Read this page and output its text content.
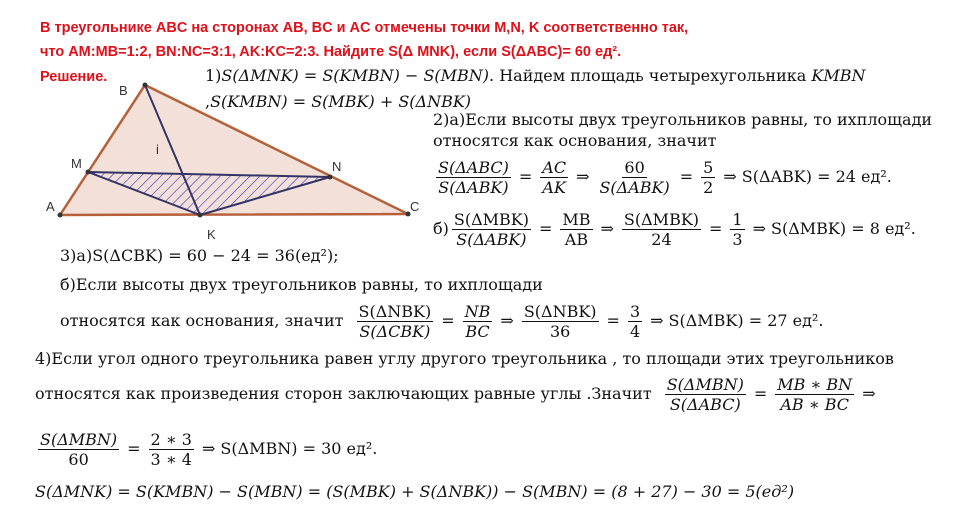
В треугольнике ABC на сторонах AB, BC и AC отмечены точки M,N, K соответственно так,
что AM:MB=1:2, BN:NC=3:1, AK:KC=2:3. Найдите S(Δ MNK), если S(ΔABC)= 60 ед².
Решение.
B
M
A
N
C
K
i
1)S(ΔMNK) = S(KMBN) − S(MBN). Найдем площадь четырехугольника KMBN
,S(KMBN) = S(MBK) + S(ΔNBK)
2)a)Если высоты двух треугольников равны, то ихплощади
относятся как основания, значит
$\frac{\text{S(ΔABC)}}{\text{S(ΔABK)}} = \frac{AC}{AK}$ ⇒ $\frac{60}{\text{S(ΔABK)}} = \frac{5}{2}$ ⇒ S(ΔABK) = 24 ед².
$б) \frac{\text{S(ΔMBK)}}{\text{S(ΔABK)}} = \frac{MB}{AB}$ ⇒ $\frac{\text{S(ΔMBK)}}{24} = \frac{1}{3}$ ⇒ S(ΔMBK) = 8 ед².
3)a)S(ΔCBK) = 60 − 24 = 36(ед²);
б)Если высоты двух треугольников равны, то ихплощади
относятся как основания, значит $\frac{\text{S(ΔNBK)}}{\text{S(ΔCBK)}} = \frac{NB}{BC}$ ⇒ $\frac{\text{S(ΔNBK)}}{36} = \frac{3}{4}$ ⇒ S(ΔMBK) = 27 ед².
4)Если угол одного треугольника равен углу другого треугольника , то площади этих треугольников
относятся как произведения сторон заключающих равные углы .Значит $\frac{\text{S(ΔMBN)}}{\text{S(ΔABC)}} = \frac{MB ∗ BN}{AB ∗ BC}$ ⇒
$\frac{\text{S(ΔMBN)}}{60} = \frac{2 ∗ 3}{3 ∗ 4}$ ⇒ S(ΔMBN) = 30 ед².
S(ΔMNK) = S(KMBN) − S(MBN) = (S(MBK) + S(ΔNBK)) − S(MBN) = (8 + 27) − 30 = 5(ед²)
